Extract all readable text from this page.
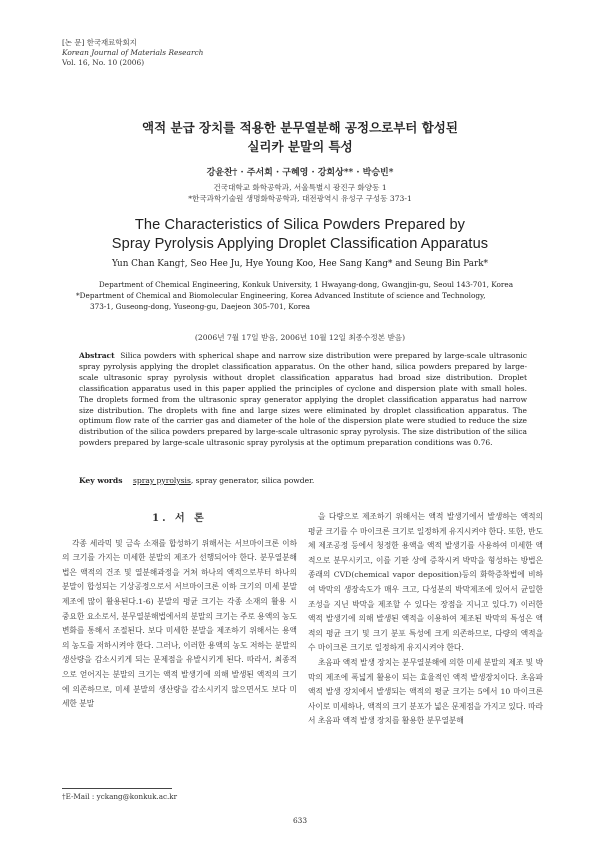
[논 문] 한국재료학회지
Korean Journal of Materials Research
Vol. 16, No. 10 (2006)
액적 분급 장치를 적용한 분무열분해 공정으로부터 합성된
실리카 분말의 특성
강윤찬† · 주서희 · 구혜영 · 강희상** · 박승빈*
건국대학교 화학공학과, 서울특별시 광진구 화양동 1
*한국과학기술원 생명화학공학과, 대전광역시 유성구 구성동 373-1
The Characteristics of Silica Powders Prepared by
Spray Pyrolysis Applying Droplet Classification Apparatus
Yun Chan Kang†, Seo Hee Ju, Hye Young Koo, Hee Sang Kang* and Seung Bin Park*
Department of Chemical Engineering, Konkuk University, 1 Hwayang-dong, Gwangjin-gu, Seoul 143-701, Korea
*Department of Chemical and Biomolecular Engineering, Korea Advanced Institute of science and Technology,
373-1, Guseong-dong, Yuseong-gu, Daejeon 305-701, Korea
(2006년 7월 17일 받음, 2006년 10월 12일 최종수정본 받음)
Abstract Silica powders with spherical shape and narrow size distribution were prepared by large-scale ultrasonic spray pyrolysis applying the droplet classification apparatus. On the other hand, silica powders prepared by large-scale ultrasonic spray pyrolysis without droplet classification apparatus had broad size distribution. Droplet classification apparatus used in this paper applied the principles of cyclone and dispersion plate with small holes. The droplets formed from the ultrasonic spray generator applying the droplet classification apparatus had narrow size distribution. The droplets with fine and large sizes were eliminated by droplet classification apparatus. The optimum flow rate of the carrier gas and diameter of the hole of the dispersion plate were studied to reduce the size distribution of the silica powders prepared by large-scale ultrasonic spray pyrolysis. The size distribution of the silica powders prepared by large-scale ultrasonic spray pyrolysis at the optimum preparation conditions was 0.76.
Key words spray pyrolysis, spray generator, silica powder.
1. 서 론

각종 세라믹 및 금속 소재를 합성하기 위해서는 서브마이크론 이하의 크기를 가지는 미세한 분말의 제조가 선행되어야 한다. 분무열분해법은 액적의 건조 및 열분해과정을 거쳐 하나의 액적으로부터 하나의 분말이 합성되는 기상공정으로서 서브마이크론 이하 크기의 미세 분말제조에 많이 활용된다.1-6) 분말의 평균 크기는 각종 소재의 활용 시 중요한 요소로서, 분무열분해법에서의 분말의 크기는 주로 용액의 농도 변화를 통해서 조절된다. 보다 미세한 분말을 제조하기 위해서는 용액의 농도를 저하시켜야 한다. 그러나, 이러한 용액의 농도 저하는 분말의 생산량을 감소시키게 되는 문제점을 유발시키게 된다. 따라서, 최종적으로 얻어지는 분말의 크기는 액적 발생기에 의해 발생된 액적의 크기에 의존하므로, 미세 분말의 생산량을 감소시키지 않으면서도 보다 미세한 분말

을 다량으로 제조하기 위해서는 액적 발생기에서 발생하는 액적의 평균 크기를 수 마이크론 크기로 일정하게 유지시켜야 한다. 또한, 반도체 제조공정 등에서 청정한 용액을 액적 발생기를 사용하여 미세한 액적으로 분무시키고, 이를 기판 상에 증착시켜 박막을 형성하는 방법은 종래의 CVD(chemical vapor deposition)등의 화학증착법에 비하여 박막의 생장속도가 매우 크고, 다성분의 박막제조에 있어서 균일한 조성을 지닌 박막을 제조할 수 있다는 장점을 지니고 있다.7) 이러한 액적 발생기에 의해 발생된 액적을 이용하여 제조된 박막의 특성은 액적의 평균 크기 및 크기 분포 특성에 크게 의존하므로, 다량의 액적을 수 마이크론 크기로 일정하게 유지시켜야 한다.

초음파 액적 발생 장치는 분무열분해에 의한 미세 분말의 제조 및 박막의 제조에 폭넓게 활용이 되는 효율적인 액적 발생장치이다. 초음파 액적 발생 장치에서 발생되는 액적의 평균 크기는 5에서 10 마이크론 사이로 미세하나, 액적의 크기 분포가 넓은 문제점을 가지고 있다. 따라서 초음파 액적 발생 장치를 활용한 분무열분해

†E-Mail : yckang@konkuk.ac.kr
633
